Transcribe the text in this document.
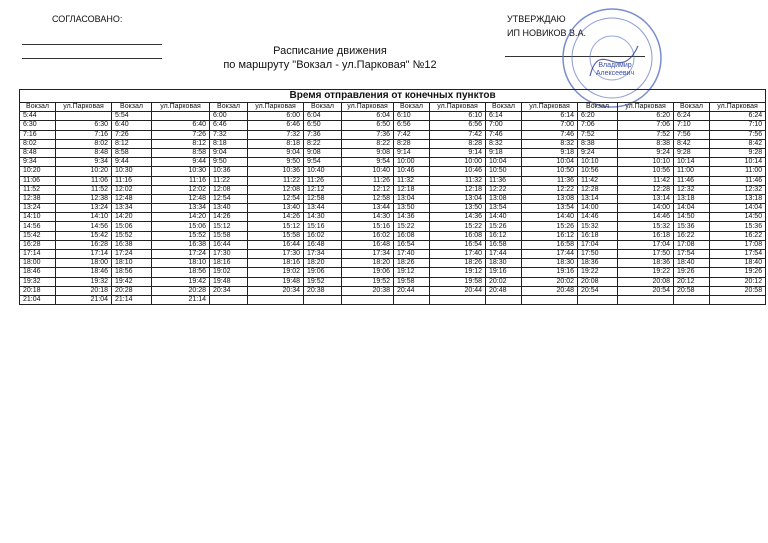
СОГЛАСОВАНО:	УТВЕРЖДАЮ
ИП НОВИКОВ В.А.
Владимир Алексеевич
Расписание движения
по маршруту "Вокзал - ул.Парковая" №12
Время отправления от конечных пунктов															
Вокзал	ул.Парковая	Вокзал	ул.Парковая	Вокзал	ул.Парковая	Вокзал	ул.Парковая	Вокзал	ул.Парковая	Вокзал	ул.Парковая	Вокзал	ул.Парковая	Вокзал	ул.Парковая
5:44		5:54		6:00	6:00	6:04	6:04	6:10	6:10	6:14	6:14	6:20	6:20	6:24	6:24
6:30	6:30	6:40	6:40	6:46	6:46	6:50	6:50	6:56	6:56	7:00	7:00	7:06	7:06	7:10	7:10
7:16	7:16	7:26	7:26	7:32	7:32	7:36	7:36	7:42	7:42	7:46	7:46	7:52	7:52	7:56	7:56
8:02	8:02	8:12	8:12	8:18	8:18	8:22	8:22	8:28	8:28	8:32	8:32	8:38	8:38	8:42	8:42
8:48	8:48	8:58	8:58	9:04	9:04	9:08	9:08	9:14	9:14	9:18	9:18	9:24	9:24	9:28	9:28
9:34	9:34	9:44	9:44	9:50	9:50	9:54	9:54	10:00	10:00	10:04	10:04	10:10	10:10	10:14	10:14
10:20	10:20	10:30	10:30	10:36	10:36	10:40	10:40	10:46	10:46	10:50	10:50	10:56	10:56	11:00	11:00
11:06	11:06	11:16	11:16	11:22	11:22	11:26	11:26	11:32	11:32	11:36	11:36	11:42	11:42	11:46	11:46
11:52	11:52	12:02	12:02	12:08	12:08	12:12	12:12	12:18	12:18	12:22	12:22	12:28	12:28	12:32	12:32
12:38	12:38	12:48	12:48	12:54	12:54	12:58	12:58	13:04	13:04	13:08	13:08	13:14	13:14	13:18	13:18
13:24	13:24	13:34	13:34	13:40	13:40	13:44	13:44	13:50	13:50	13:54	13:54	14:00	14:00	14:04	14:04
14:10	14:10	14:20	14:20	14:26	14:26	14:30	14:30	14:36	14:36	14:40	14:40	14:46	14:46	14:50	14:50
14:56	14:56	15:06	15:06	15:12	15:12	15:16	15:16	15:22	15:22	15:26	15:26	15:32	15:32	15:36	15:36
15:42	15:42	15:52	15:52	15:58	15:58	16:02	16:02	16:08	16:08	16:12	16:12	16:18	16:18	16:22	16:22
16:28	16:28	16:38	16:38	16:44	16:44	16:48	16:48	16:54	16:54	16:58	16:58	17:04	17:04	17:08	17:08
17:14	17:14	17:24	17:24	17:30	17:30	17:34	17:34	17:40	17:40	17:44	17:44	17:50	17:50	17:54	17:54
18:00	18:00	18:10	18:10	18:16	18:16	18:20	18:20	18:26	18:26	18:30	18:30	18:36	18:36	18:40	18:40
18:46	18:46	18:56	18:56	19:02	19:02	19:06	19:06	19:12	19:12	19:16	19:16	19:22	19:22	19:26	19:26
19:32	19:32	19:42	19:42	19:48	19:48	19:52	19:52	19:58	19:58	20:02	20:02	20:08	20:08	20:12	20:12
20:18	20:18	20:28	20:28	20:34	20:34	20:38	20:38	20:44	20:44	20:48	20:48	20:54	20:54	20:58	20:58
21:04	21:04	21:14	21:14												
